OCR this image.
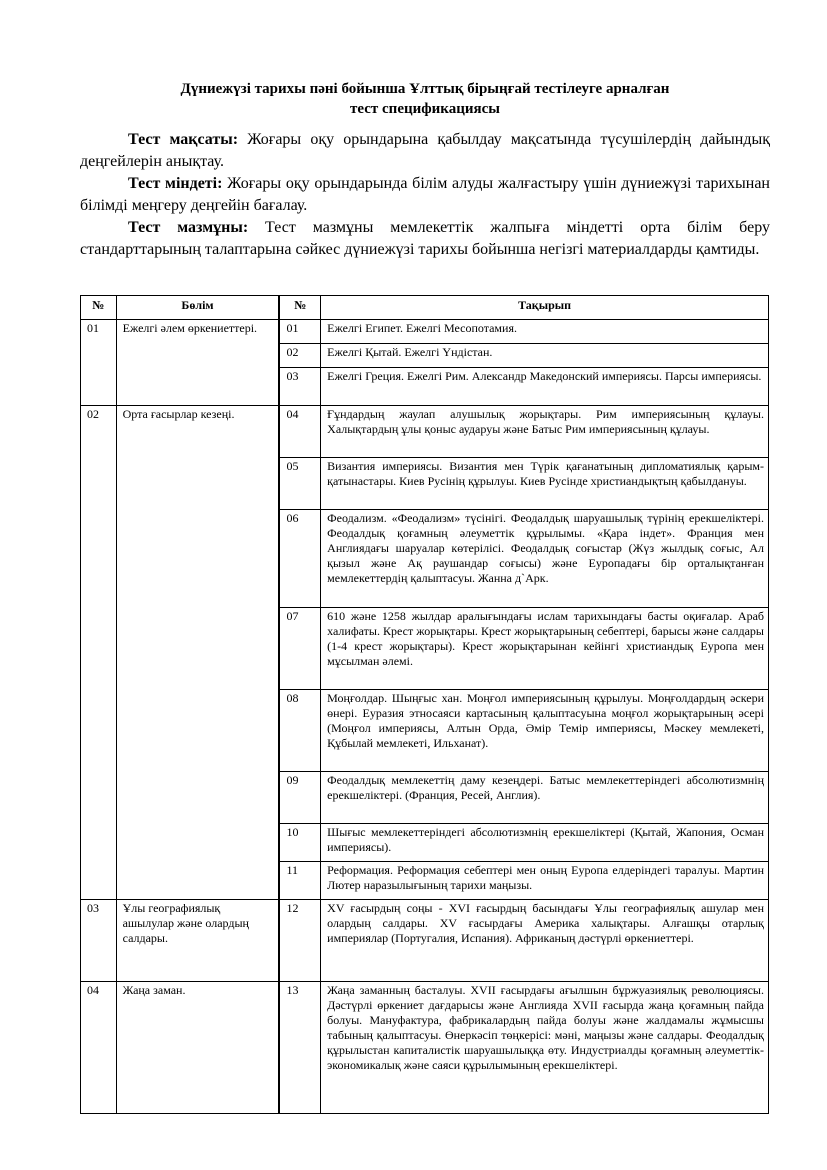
Дүниежүзі тарихы пәні бойынша Ұлттық бірыңғай тестілеуге арналған
тест спецификациясы

Тест мақсаты: Жоғары оқу орындарына қабылдау мақсатында түсушілердің дайындық деңгейлерін анықтау.

Тест міндеті: Жоғары оқу орындарында білім алуды жалғастыру үшін дүниежүзі тарихынан білімді меңгеру деңгейін бағалау.

Тест мазмұны: Тест мазмұны мемлекеттік жалпыға міндетті орта білім беру стандарттарының талаптарына сәйкес дүниежүзі тарихы бойынша негізгі материалдарды қамтиды.

№	Бөлім		№	Тақырып
01	Ежелгі әлем өркениеттері.		01	Ежелгі Египет. Ежелгі Месопотамия.
		02	Ежелгі Қытай. Ежелгі Үндістан.
		03	Ежелгі Греция. Ежелгі Рим. Александр Македонский империясы. Парсы империясы.
02	Орта ғасырлар кезеңі.		04	Ғұндардың жаулап алушылық жорықтары. Рим империясының құлауы. Халықтардың ұлы қоныс аударуы және Батыс Рим империясының құлауы.
		05	Византия империясы. Византия мен Түрік қағанатының дипломатиялық қарым-қатынастары. Киев Русінің құрылуы. Киев Русінде христиандықтың қабылдануы.
		06	Феодализм. «Феодализм» түсінігі. Феодалдық шаруашылық түрінің ерекшеліктері. Феодалдық қоғамның әлеуметтік құрылымы. «Қара індет». Франция мен Англиядағы шаруалар көтерілісі. Феодалдық соғыстар (Жүз жылдық соғыс, Ал қызыл және Ақ раушандар соғысы) және Еуропадағы бір орталықтанған мемлекеттердің қалыптасуы. Жанна д`Арк.
		07	610 және 1258 жылдар аралығындағы ислам тарихындағы басты оқиғалар. Араб халифаты. Крест жорықтары. Крест жорықтарының себептері, барысы және салдары (1-4 крест жорықтары). Крест жорықтарынан кейінгі христиандық Еуропа мен мұсылман әлемі.
		08	Моңғолдар. Шыңғыс хан. Моңғол империясының құрылуы. Моңғолдардың әскери өнері. Еуразия этносаяси картасының қалыптасуына моңғол жорықтарының әсері (Моңғол империясы, Алтын Орда, Әмір Темір империясы, Мәскеу мемлекеті, Құбылай мемлекеті, Ильханат).
		09	Феодалдық мемлекеттің даму кезеңдері. Батыс мемлекеттеріндегі абсолютизмнің ерекшеліктері. (Франция, Ресей, Англия).
		10	Шығыс мемлекеттеріндегі абсолютизмнің ерекшеліктері (Қытай, Жапония, Осман империясы).
		11	Реформация. Реформация себептері мен оның Еуропа елдеріндегі таралуы. Мартин Лютер наразылығының тарихи маңызы.
03	Ұлы географиялық ашылулар және олардың салдары.		12	XV ғасырдың соңы - XVI ғасырдың басындағы Ұлы географиялық ашулар мен олардың салдары. XV ғасырдағы Америка халықтары. Алғашқы отарлық империялар (Португалия, Испания). Африканың дәстүрлі өркениеттері.
04	Жаңа заман.		13	Жаңа заманның басталуы. XVII ғасырдағы ағылшын бұржуазиялық революциясы. Дәстүрлі өркениет дағдарысы және Англияда XVII ғасырда жаңа қоғамның пайда болуы. Мануфактура, фабрикалардың пайда болуы және жалдамалы жұмысшы табының қалыптасуы. Өнеркәсіп төңкерісі: мәні, маңызы және салдары. Феодалдық құрылыстан капиталистік шаруашылыққа өту. Индустриалды қоғамның әлеуметтік-экономикалық және саяси құрылымының ерекшеліктері.
